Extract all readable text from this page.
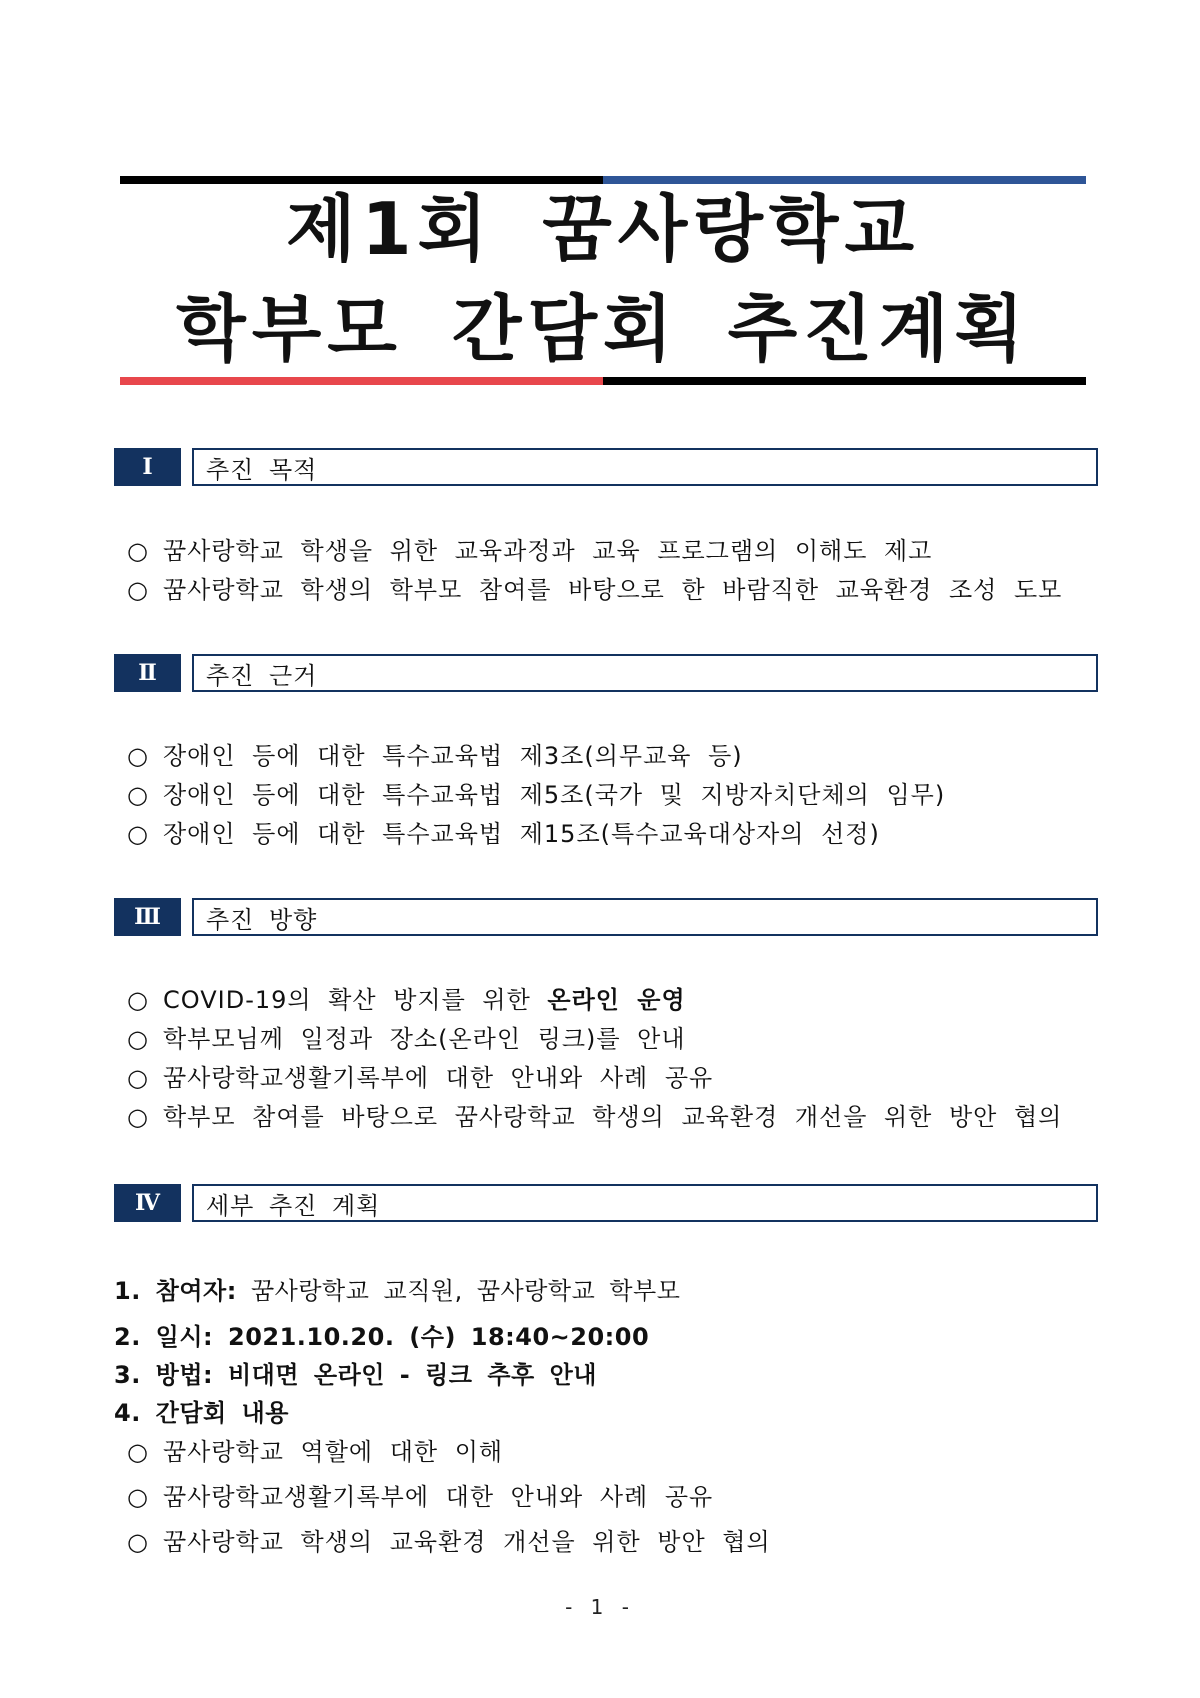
제1회 꿈사랑학교
학부모 간담회 추진계획
Ⅰ	추진 목적
○ 꿈사랑학교 학생을 위한 교육과정과 교육 프로그램의 이해도 제고
○ 꿈사랑학교 학생의 학부모 참여를 바탕으로 한 바람직한 교육환경 조성 도모
Ⅱ	추진 근거
○ 장애인 등에 대한 특수교육법 제3조(의무교육 등)
○ 장애인 등에 대한 특수교육법 제5조(국가 및 지방자치단체의 임무)
○ 장애인 등에 대한 특수교육법 제15조(특수교육대상자의 선정)
Ⅲ	추진 방향
○ COVID-19의 확산 방지를 위한 온라인 운영
○ 학부모님께 일정과 장소(온라인 링크)를 안내
○ 꿈사랑학교생활기록부에 대한 안내와 사례 공유
○ 학부모 참여를 바탕으로 꿈사랑학교 학생의 교육환경 개선을 위한 방안 협의
Ⅳ	세부 추진 계획
1. 참여자: 꿈사랑학교 교직원, 꿈사랑학교 학부모
2. 일시: 2021.10.20. (수) 18:40~20:00
3. 방법: 비대면 온라인 - 링크 추후 안내
4. 간담회 내용
○ 꿈사랑학교 역할에 대한 이해
○ 꿈사랑학교생활기록부에 대한 안내와 사례 공유
○ 꿈사랑학교 학생의 교육환경 개선을 위한 방안 협의
- 1 -
